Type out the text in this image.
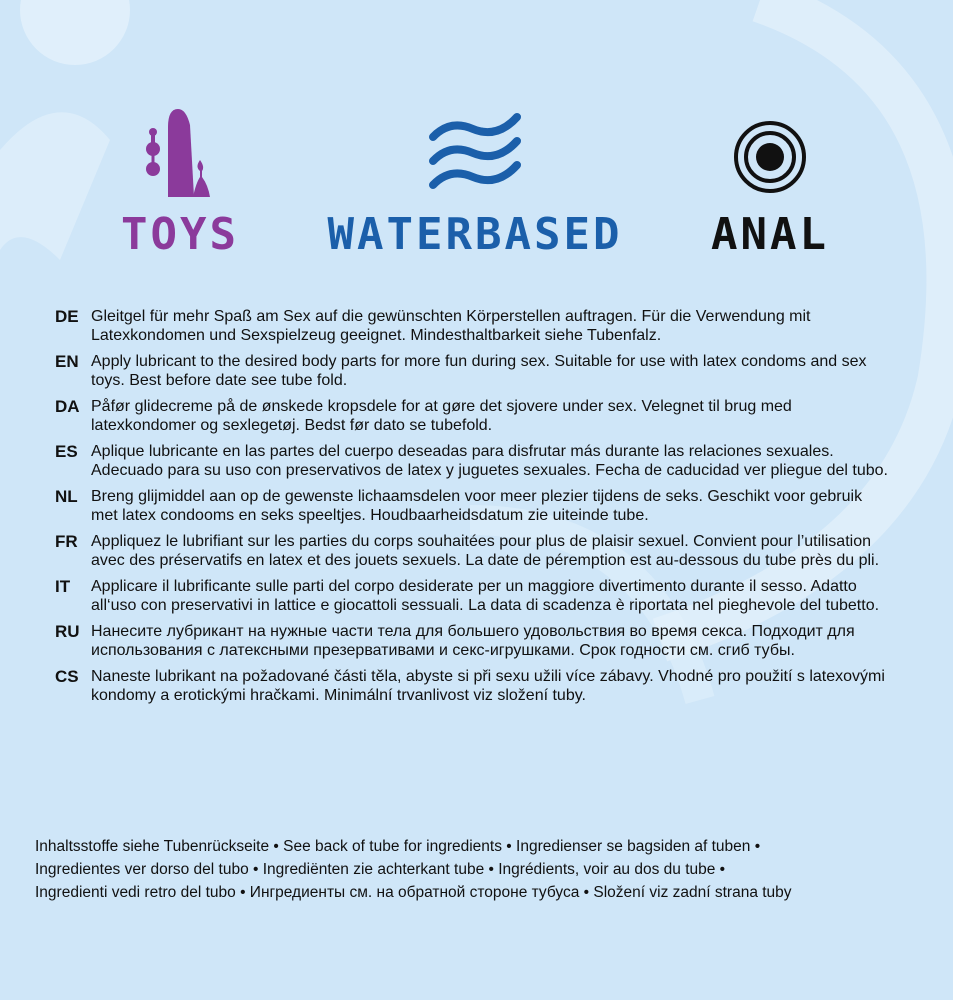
TOYS WATERBASED ANAL
DE Gleitgel für mehr Spaß am Sex auf die gewünschten Körperstellen auftragen. Für die Verwendung mit Latexkondomen und Sexspielzeug geeignet. Mindesthaltbarkeit siehe Tubenfalz.
EN Apply lubricant to the desired body parts for more fun during sex. Suitable for use with latex condoms and sex toys. Best before date see tube fold.
DA Påfør glidecreme på de ønskede kropsdele for at gøre det sjovere under sex. Velegnet til brug med latexkondomer og sexlegetøj. Bedst før dato se tubefold.
ES Aplique lubricante en las partes del cuerpo deseadas para disfrutar más durante las relaciones sexuales. Adecuado para su uso con preservativos de latex y juguetes sexuales. Fecha de caducidad ver pliegue del tubo.
NL Breng glijmiddel aan op de gewenste lichaamsdelen voor meer plezier tijdens de seks. Geschikt voor gebruik met latex condooms en seks speeltjes. Houdbaarheidsdatum zie uiteinde tube.
FR Appliquez le lubrifiant sur les parties du corps souhaitées pour plus de plaisir sexuel. Convient pour l’utilisation avec des préservatifs en latex et des jouets sexuels. La date de péremption est au-dessous du tube près du pli.
IT	Applicare il lubrificante sulle parti del corpo desiderate per un maggiore divertimento durante il sesso. Adatto all‘uso con preservativi in lattice e giocattoli sessuali. La data di scadenza è riportata nel pieghevole del tubetto.
RU Нанесите лубрикант на нужные части тела для большего удовольствия во время секса. Подходит для использования с латексными презервативами и секс-игрушками. Срок годности см. сгиб тубы.
CS Naneste lubrikant na požadované části těla, abyste si při sexu užili více zábavy. Vhodné pro použití s latexovými kondomy a erotickými hračkami. Minimální trvanlivost viz složení tuby.
Inhaltsstoffe siehe Tubenrückseite • See back of tube for ingredients • Ingredienser se bagsiden af tuben •
Ingredientes ver dorso del tubo • Ingrediënten zie achterkant tube • Ingrédients, voir au dos du tube •
Ingredienti vedi retro del tubo • Ингредиенты см. на обратной стороне тубуса • Složení viz zadní strana tuby
